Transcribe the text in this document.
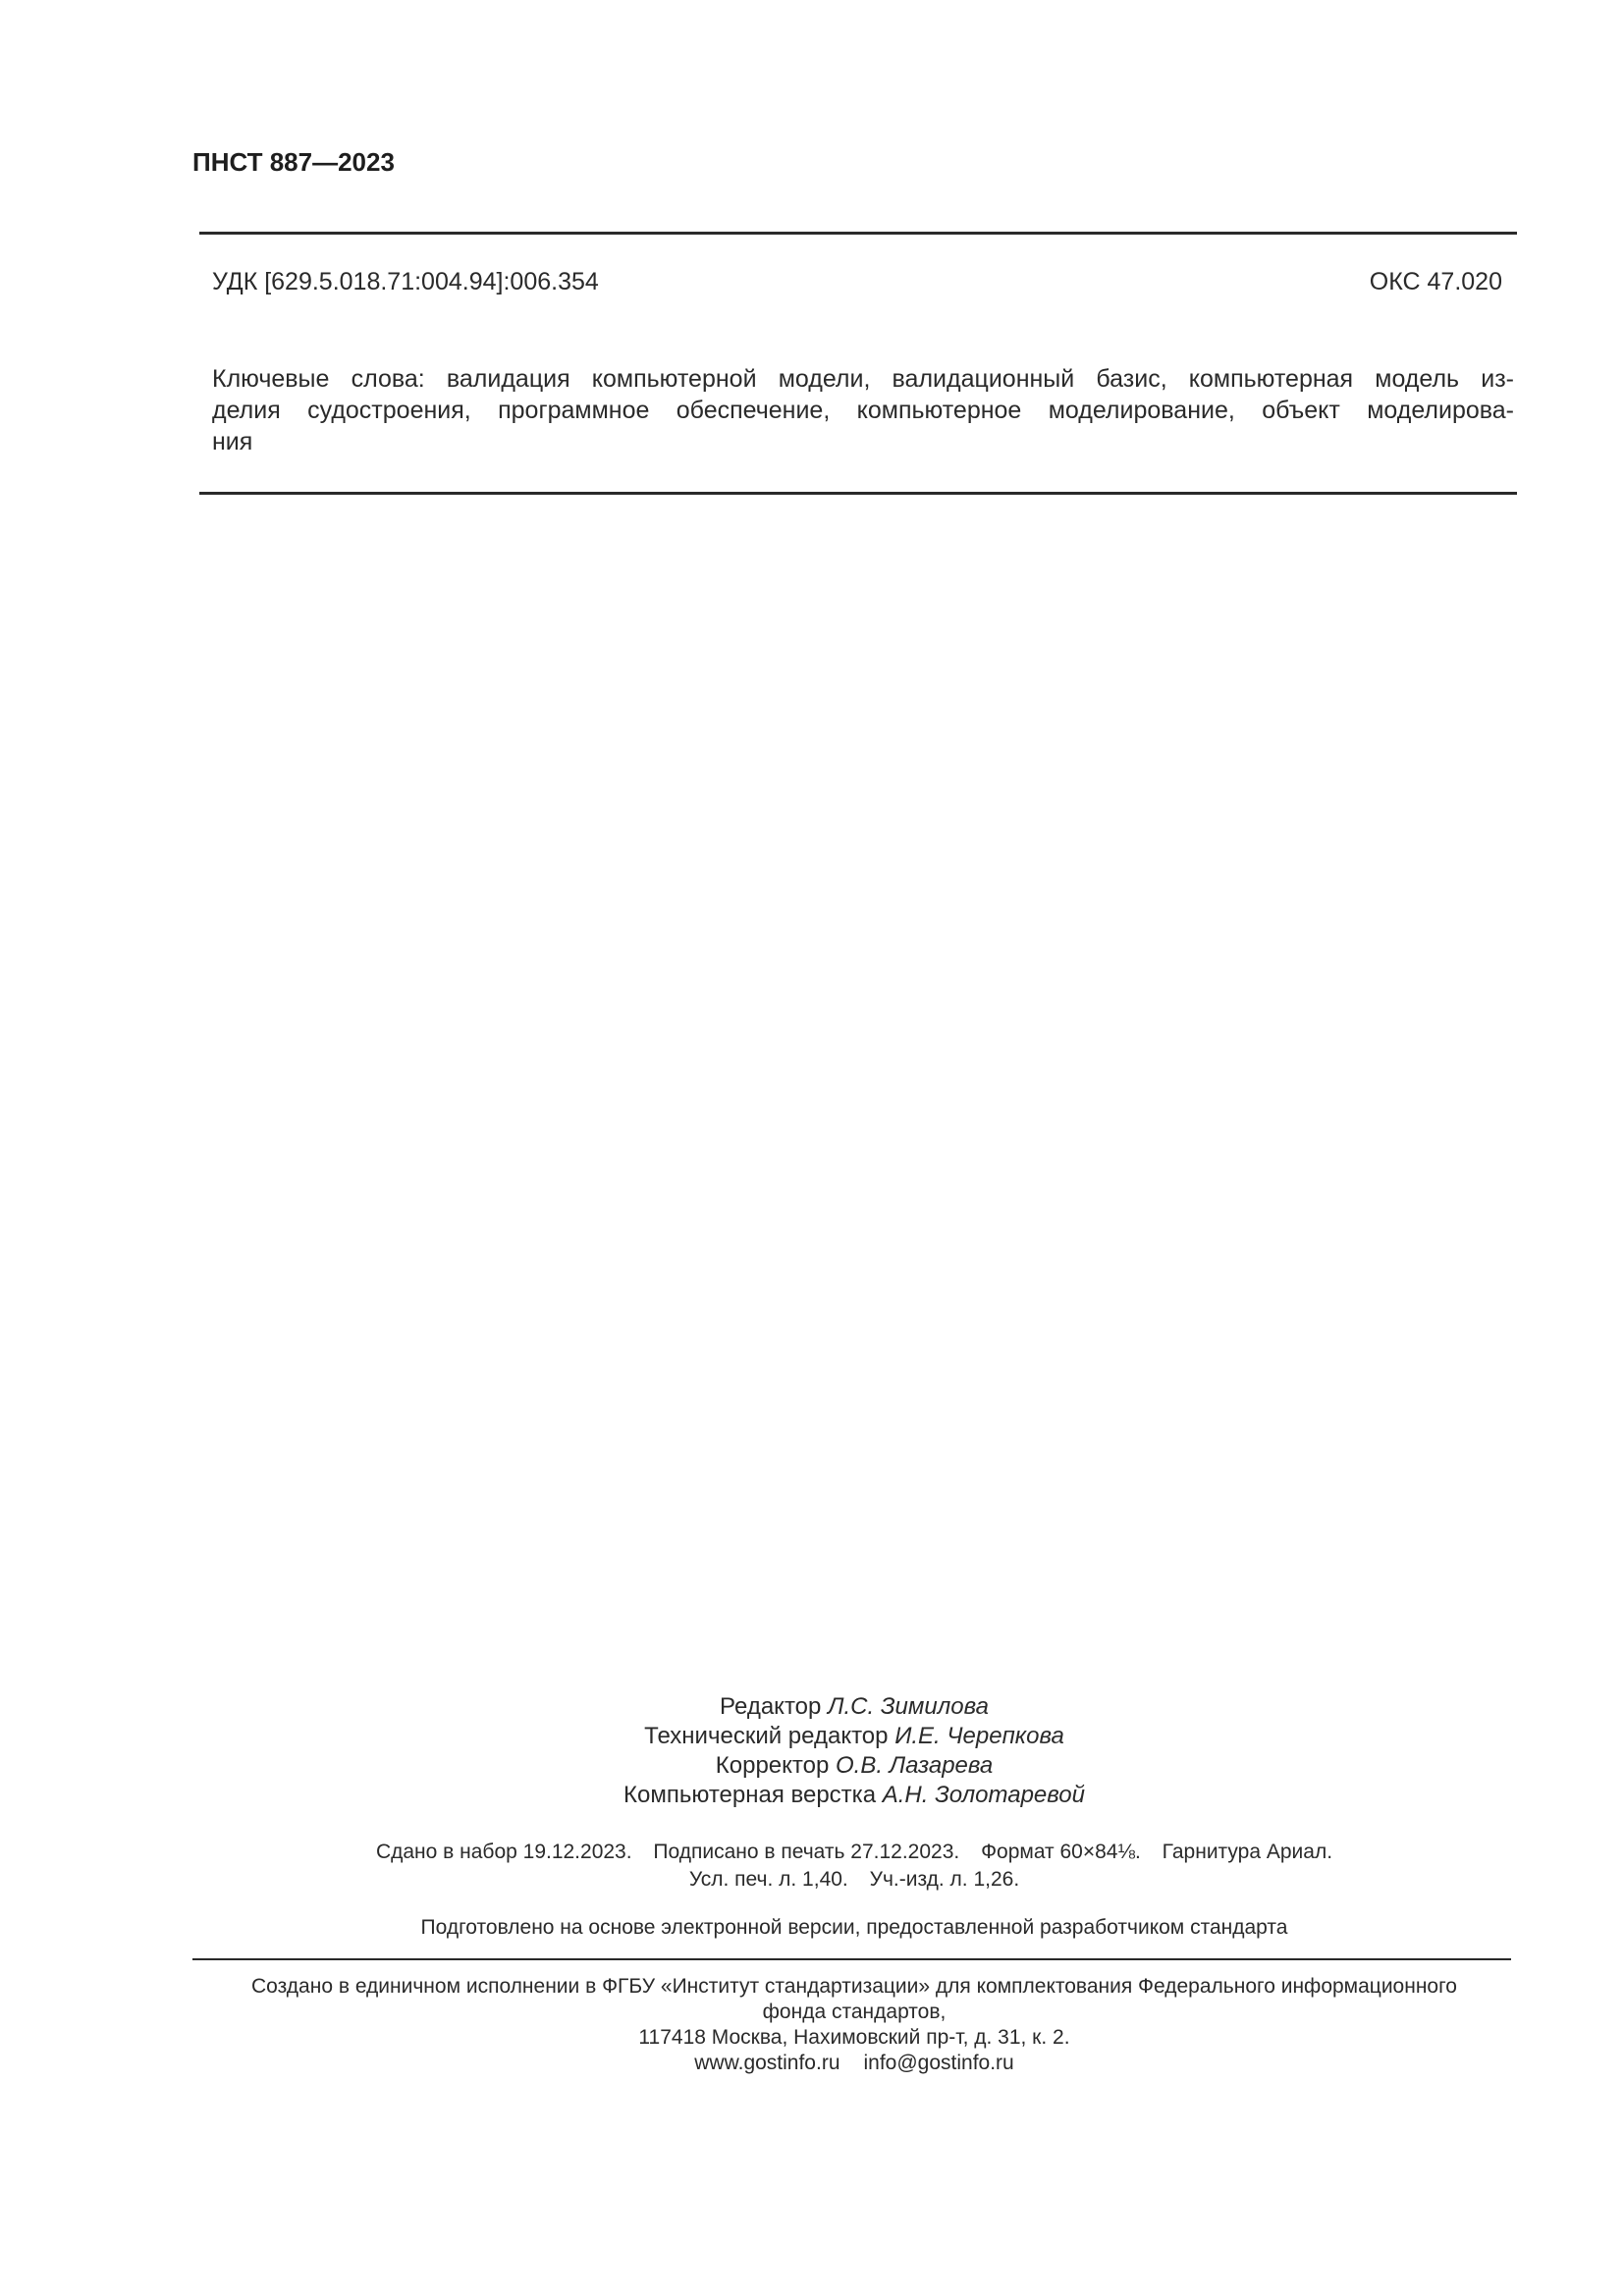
ПНСТ 887—2023
УДК [629.5.018.71:004.94]:006.354	ОКС 47.020
Ключевые слова: валидация компьютерной модели, валидационный базис, компьютерная модель из-
делия судостроения, программное обеспечение, компьютерное моделирование, объект моделирова-
ния
Редактор Л.С. Зимилова
Технический редактор И.Е. Черепкова
Корректор О.В. Лазарева
Компьютерная верстка А.Н. Золотаревой
Сдано в набор 19.12.2023. Подписано в печать 27.12.2023. Формат 60×84⅛. Гарнитура Ариал.
Усл. печ. л. 1,40. Уч.-изд. л. 1,26.
Подготовлено на основе электронной версии, предоставленной разработчиком стандарта
Создано в единичном исполнении в ФГБУ «Институт стандартизации» для комплектования Федерального информационного
фонда стандартов,
117418 Москва, Нахимовский пр-т, д. 31, к. 2.
www.gostinfo.ru info@gostinfo.ru
